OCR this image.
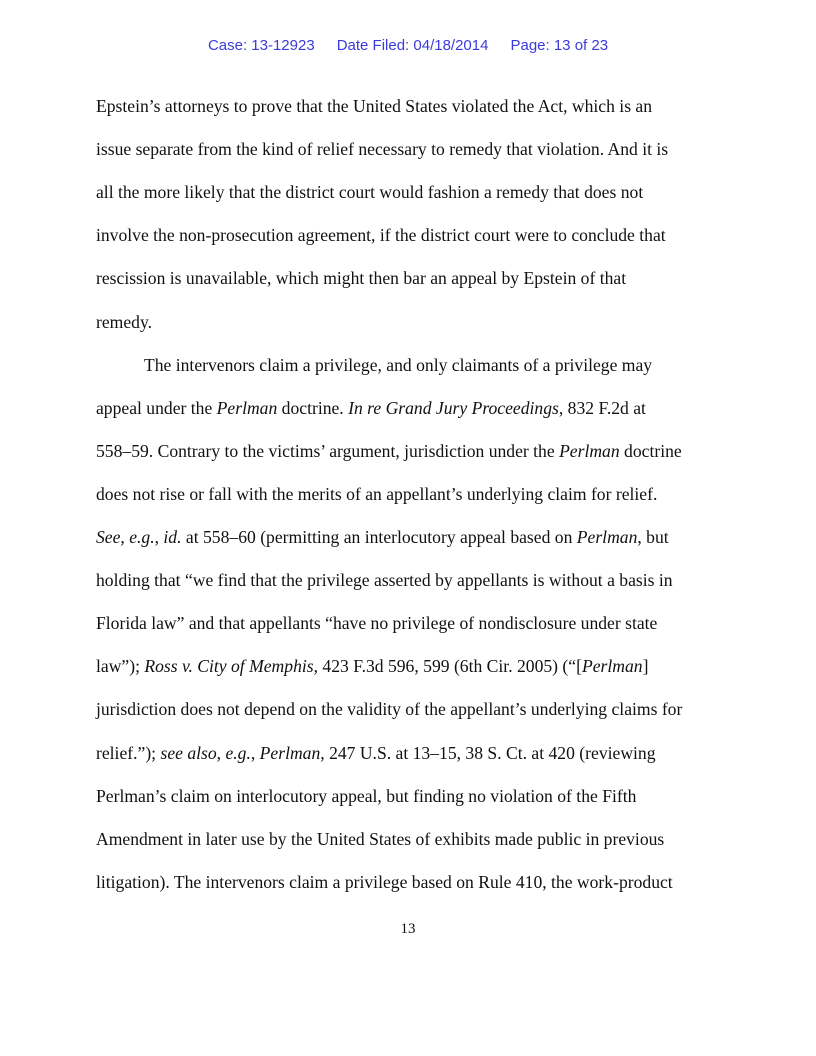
Case: 13-12923 Date Filed: 04/18/2014 Page: 13 of 23
Epstein’s attorneys to prove that the United States violated the Act, which is an
issue separate from the kind of relief necessary to remedy that violation. And it is
all the more likely that the district court would fashion a remedy that does not
involve the non-prosecution agreement, if the district court were to conclude that
rescission is unavailable, which might then bar an appeal by Epstein of that
remedy.
The intervenors claim a privilege, and only claimants of a privilege may
appeal under the Perlman doctrine. In re Grand Jury Proceedings, 832 F.2d at
558–59. Contrary to the victims’ argument, jurisdiction under the Perlman doctrine
does not rise or fall with the merits of an appellant’s underlying claim for relief.
See, e.g., id. at 558–60 (permitting an interlocutory appeal based on Perlman, but
holding that “we find that the privilege asserted by appellants is without a basis in
Florida law” and that appellants “have no privilege of nondisclosure under state
law”); Ross v. City of Memphis, 423 F.3d 596, 599 (6th Cir. 2005) (“[Perlman]
jurisdiction does not depend on the validity of the appellant’s underlying claims for
relief.”); see also, e.g., Perlman, 247 U.S. at 13–15, 38 S. Ct. at 420 (reviewing
Perlman’s claim on interlocutory appeal, but finding no violation of the Fifth
Amendment in later use by the United States of exhibits made public in previous
litigation). The intervenors claim a privilege based on Rule 410, the work-product
13
